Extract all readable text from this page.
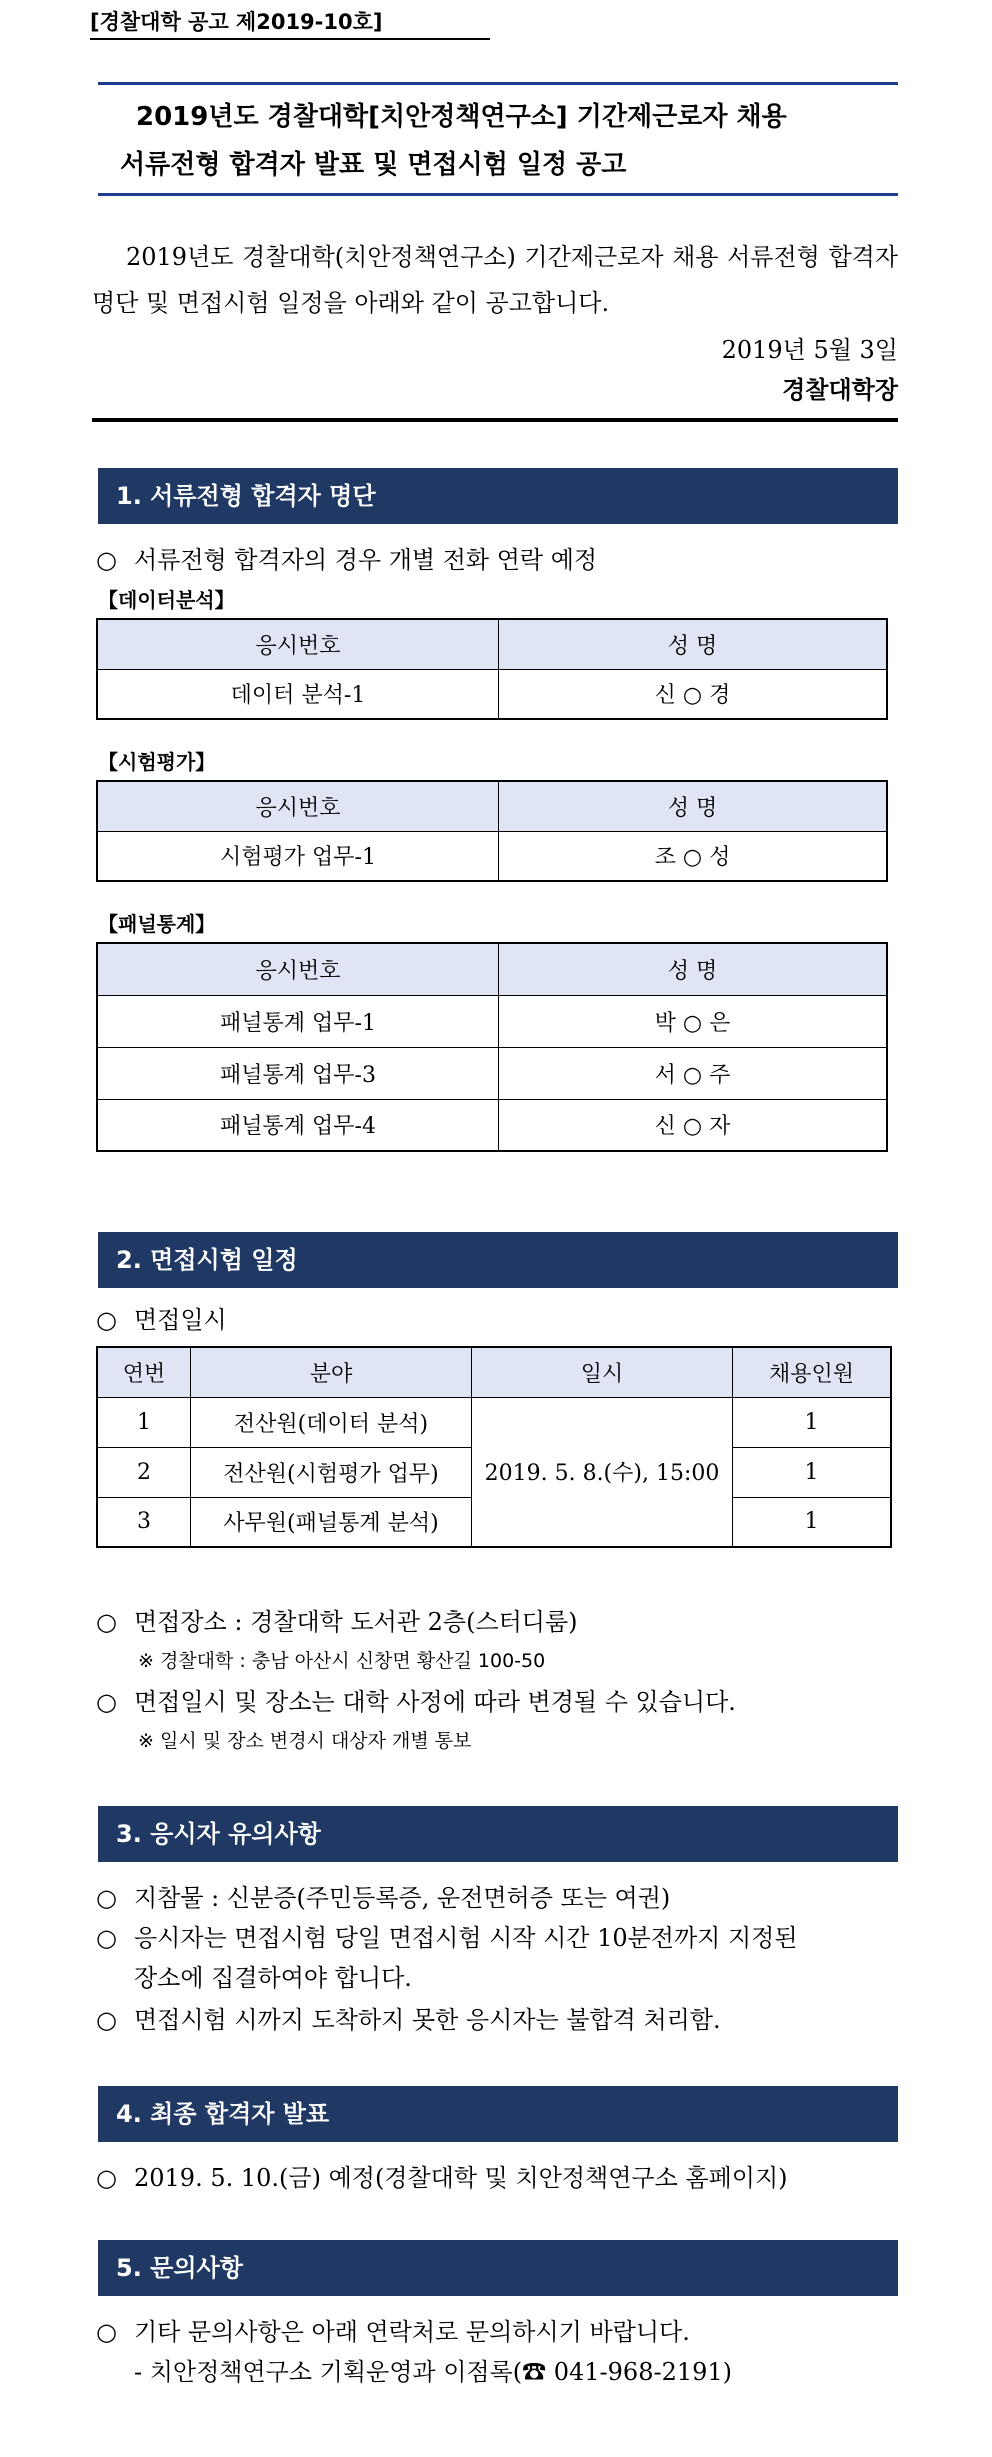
[경찰대학 공고 제2019-10호]
2019년도 경찰대학[치안정책연구소] 기간제근로자 채용
서류전형 합격자 발표 및 면접시험 일정 공고
2019년도 경찰대학(치안정책연구소) 기간제근로자 채용 서류전형 합격자 명단 및 면접시험 일정을 아래와 같이 공고합니다.
2019년 5월 3일
경찰대학장
1. 서류전형 합격자 명단
○ 서류전형 합격자의 경우 개별 전화 연락 예정
【데이터분석】
응시번호	성 명
데이터 분석-1	신 ○ 경
【시험평가】
응시번호	성 명
시험평가 업무-1	조 ○ 성
【패널통계】
응시번호	성 명
패널통계 업무-1	박 ○ 은
패널통계 업무-3	서 ○ 주
패널통계 업무-4	신 ○ 자
2. 면접시험 일정
○ 면접일시
연번	분야	일시	채용인원
1	전산원(데이터 분석)	2019. 5. 8.(수), 15:00	1
2	전산원(시험평가 업무)		1
3	사무원(패널통계 분석)		1
○ 면접장소 : 경찰대학 도서관 2층(스터디룸)
※ 경찰대학 : 충남 아산시 신창면 황산길 100-50
○ 면접일시 및 장소는 대학 사정에 따라 변경될 수 있습니다.
※ 일시 및 장소 변경시 대상자 개별 통보
3. 응시자 유의사항
○ 지참물 : 신분증(주민등록증, 운전면허증 또는 여권)
○ 응시자는 면접시험 당일 면접시험 시작 시간 10분전까지 지정된
장소에 집결하여야 합니다.
○ 면접시험 시까지 도착하지 못한 응시자는 불합격 처리함.
4. 최종 합격자 발표
○ 2019. 5. 10.(금) 예정(경찰대학 및 치안정책연구소 홈페이지)
5. 문의사항
○ 기타 문의사항은 아래 연락처로 문의하시기 바랍니다.
- 치안정책연구소 기획운영과 이점록(☎ 041-968-2191)
